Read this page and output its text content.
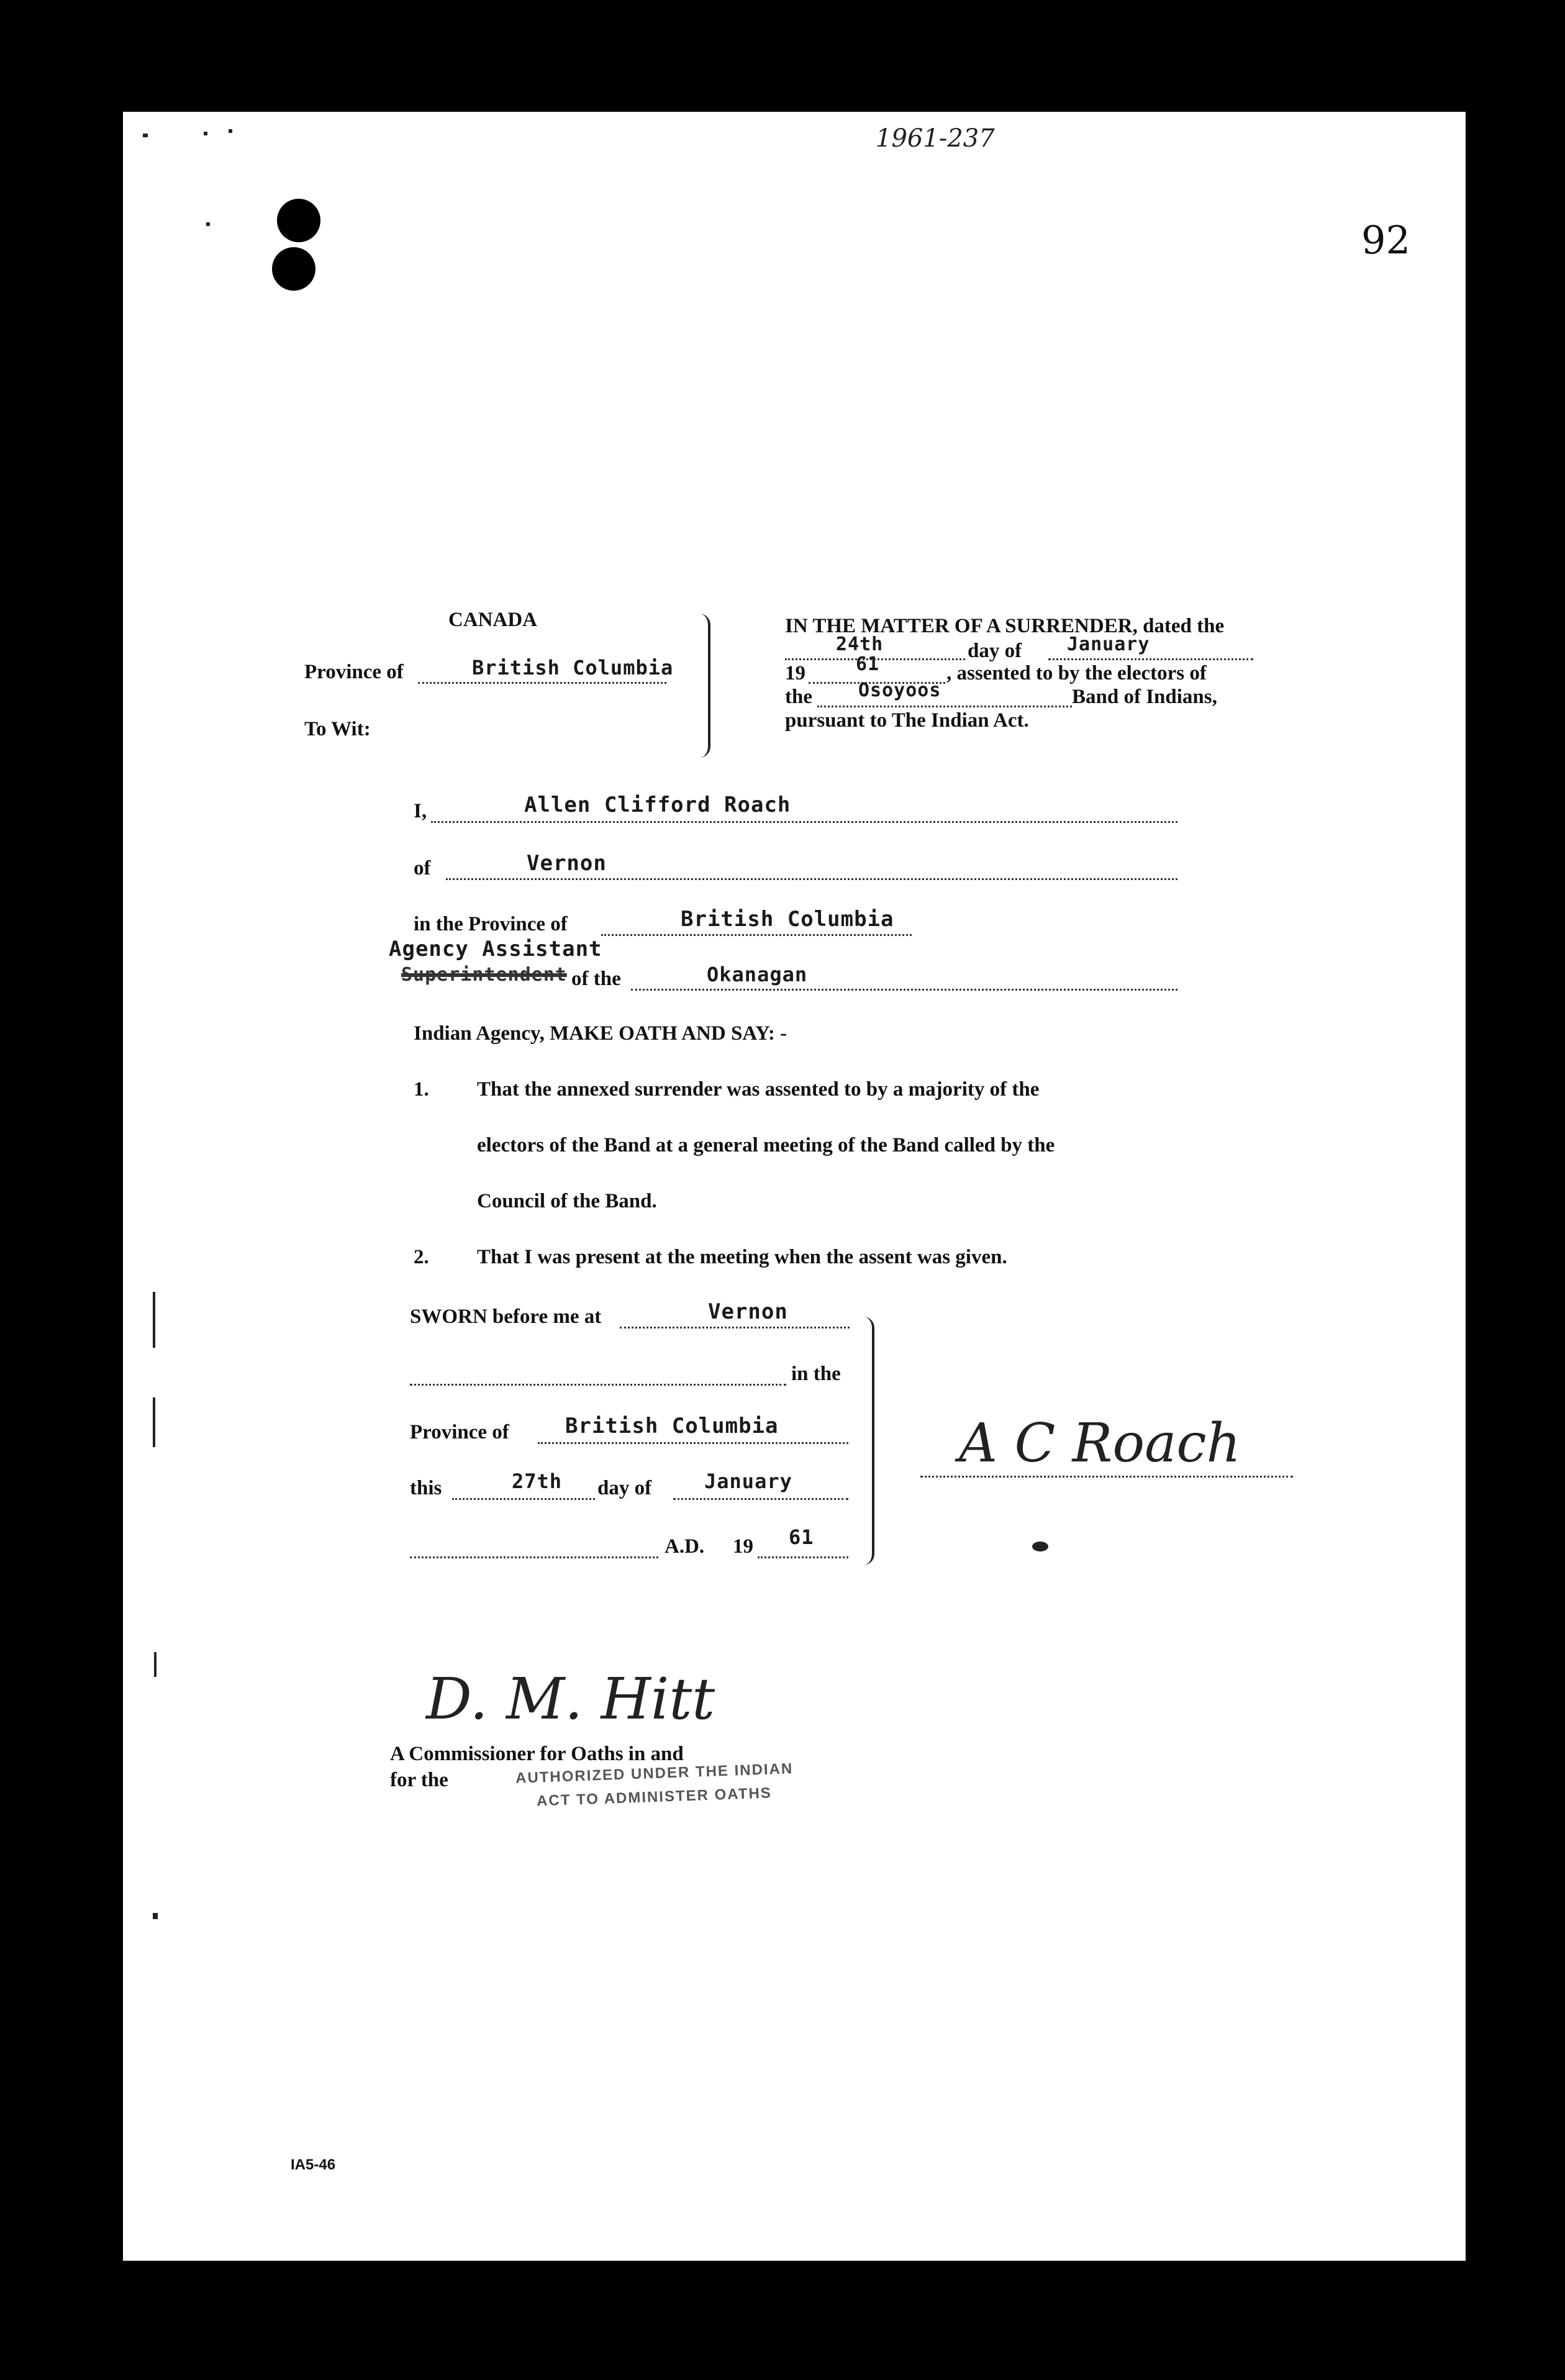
1961-237
92
CANADA
Province of	British Columbia
To Wit:
IN THE MATTER OF A SURRENDER, dated the
24th	day of January
19	61	, assented to by the electors of
the Osoyoos	Band of Indians,
pursuant to The Indian Act.
I,	Allen Clifford Roach
of	Vernon
in the Province of	British Columbia
Agency Assistant
Superintendent of the	Okanagan
Indian Agency, MAKE OATH AND SAY: -
1. That the annexed surrender was assented to by a majority of the
electors of the Band at a general meeting of the Band called by the
Council of the Band.
2. That I was present at the meeting when the assent was given.
SWORN before me at	Vernon
in the
Province of	British Columbia
this	27th day of	January
A.D. 19 61
A C Roach
D. M. Hitt
A Commissioner for Oaths in and
for the	AUTHORIZED UNDER THE INDIAN
ACT TO ADMINISTER OATHS
IA5-46
